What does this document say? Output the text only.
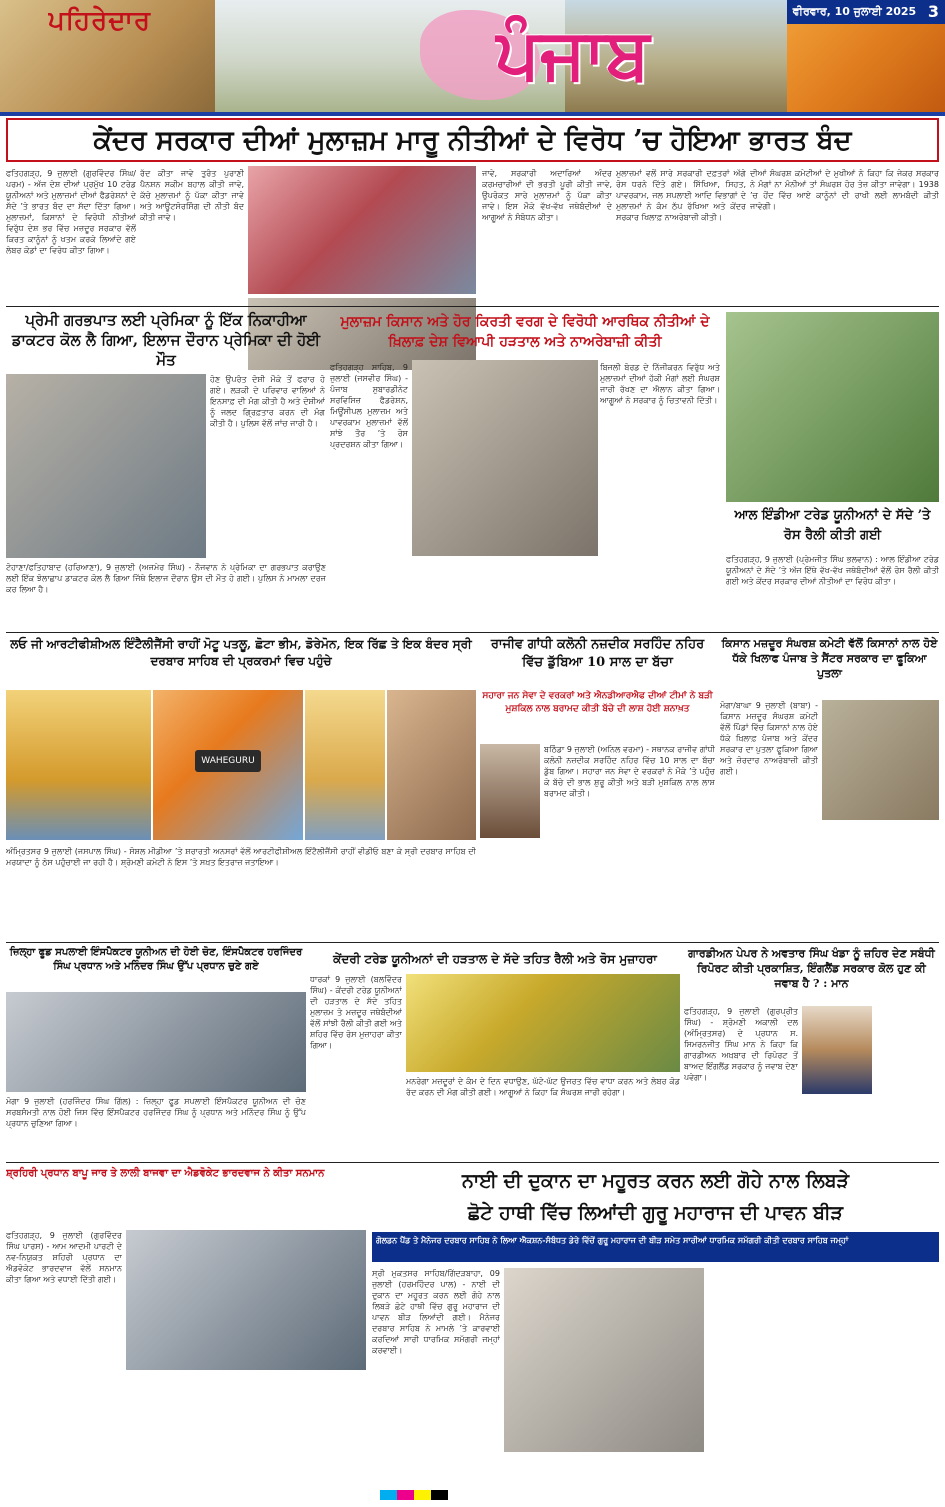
ਪਹਿਰੇਦਾਰ	ਪੰਜਾਬ
ਵੀਰਵਾਰ, 10 ਜੁਲਾਈ 2025 3
ਕੇਂਦਰ ਸਰਕਾਰ ਦੀਆਂ ਮੁਲਾਜ਼ਮ ਮਾਰੂ ਨੀਤੀਆਂ ਦੇ ਵਿਰੋਧ ’ਚ ਹੋਇਆ ਭਾਰਤ ਬੰਦ
ਫਤਿਹਗੜ੍ਹ, 9 ਜੁਲਾਈ (ਗੁਰਵਿੰਦਰ ਸਿੰਘ/ਪਰਮ) - ਅੱਜ ਦੇਸ਼ ਦੀਆਂ ਪ੍ਰਮੁੱਖ 10 ਟਰੇਡ ਯੂਨੀਅਨਾਂ ਅਤੇ ਮੁਲਾਜ਼ਮਾਂ ਦੀਆਂ ਫੈਡਰੇਸ਼ਨਾਂ ਦੇ ਸੱਦੇ ’ਤੇ ਭਾਰਤ ਬੰਦ ਦਾ ਸੱਦਾ ਦਿੱਤਾ ਗਿਆ। ਮੁਲਾਜ਼ਮਾਂ, ਕਿਸਾਨਾਂ ਦੇ ਵਿਰੋਧੀ ਨੀਤੀਆਂ ਵਿਰੁੱਧ ਦੇਸ਼ ਭਰ ਵਿੱਚ ਮਜ਼ਦੂਰ ਸਰਕਾਰ ਵੱਲੋਂ ਕਿਰਤ ਕਾਨੂੰਨਾਂ ਨੂੰ ਖਤਮ ਕਰਕੇ ਲਿਆਂਦੇ ਗਏ ਲੇਬਰ ਕੋਡਾਂ ਦਾ ਵਿਰੋਧ ਕੀਤਾ ਗਿਆ।
ਰੱਦ ਕੀਤਾ ਜਾਵੇ ਤੁਰੰਤ ਪੁਰਾਣੀ ਪੈਨਸ਼ਨ ਸਕੀਮ ਬਹਾਲ ਕੀਤੀ ਜਾਵੇ, ਕੱਚੇ ਮੁਲਾਜ਼ਮਾਂ ਨੂੰ ਪੱਕਾ ਕੀਤਾ ਜਾਵੇ ਅਤੇ ਆਊਟਸੋਰਸਿੰਗ ਦੀ ਨੀਤੀ ਬੰਦ ਕੀਤੀ ਜਾਵੇ।
ਜਾਵੇ, ਸਰਕਾਰੀ ਅਦਾਰਿਆਂ ਅੰਦਰ ਕਰਮਚਾਰੀਆਂ ਦੀ ਭਰਤੀ ਪੂਰੀ ਕੀਤੀ ਜਾਵੇ, ਉਪਰੋਕਤ ਸਾਰੇ ਮੁਲਾਜ਼ਮਾਂ ਨੂੰ ਪੱਕਾ ਕੀਤਾ ਜਾਵੇ। ਇਸ ਮੌਕੇ ਵੱਖ-ਵੱਖ ਜਥੇਬੰਦੀਆਂ ਦੇ ਆਗੂਆਂ ਨੇ ਸੰਬੋਧਨ ਕੀਤਾ।
ਮੁਲਾਜ਼ਮਾਂ ਵਲੋਂ ਸਾਰੇ ਸਰਕਾਰੀ ਦਫ਼ਤਰਾਂ ਅੱਗੇ ਰੋਸ ਧਰਨੇ ਦਿੱਤੇ ਗਏ। ਸਿੱਖਿਆ, ਸਿਹਤ, ਪਾਵਰਕਾਮ, ਜਲ ਸਪਲਾਈ ਆਦਿ ਵਿਭਾਗਾਂ ਦੇ ਮੁਲਾਜ਼ਮਾਂ ਨੇ ਕੰਮ ਠੱਪ ਰੱਖਿਆ ਅਤੇ ਕੇਂਦਰ ਸਰਕਾਰ ਖਿਲਾਫ਼ ਨਾਅਰੇਬਾਜ਼ੀ ਕੀਤੀ।
ਦੀਆਂ ਸੰਘਰਸ਼ ਕਮੇਟੀਆਂ ਦੇ ਮੁਖੀਆਂ ਨੇ ਕਿਹਾ ਕਿ ਜੇਕਰ ਸਰਕਾਰ ਨੇ ਮੰਗਾਂ ਨਾ ਮੰਨੀਆਂ ਤਾਂ ਸੰਘਰਸ਼ ਹੋਰ ਤੇਜ਼ ਕੀਤਾ ਜਾਵੇਗਾ। 1938 ’ਚ ਹੋਂਦ ਵਿੱਚ ਆਏ ਕਾਨੂੰਨਾਂ ਦੀ ਰਾਖੀ ਲਈ ਲਾਮਬੰਦੀ ਕੀਤੀ ਜਾਵੇਗੀ।
ਪ੍ਰੇਮੀ ਗਰਭਪਾਤ ਲਈ ਪ੍ਰੇਮਿਕਾ ਨੂੰ ਇੱਕ ਨਿਕਾਹੀਆ ਡਾਕਟਰ ਕੋਲ ਲੈ ਗਿਆ, ਇਲਾਜ ਦੌਰਾਨ ਪ੍ਰੇਮਿਕਾ ਦੀ ਹੋਈ ਮੌਤ
ਹੋਣ ਉਪਰੰਤ ਦੋਸ਼ੀ ਮੌਕੇ ਤੋਂ ਫਰਾਰ ਹੋ ਗਏ। ਲੜਕੀ ਦੇ ਪਰਿਵਾਰ ਵਾਲਿਆਂ ਨੇ ਇਨਸਾਫ਼ ਦੀ ਮੰਗ ਕੀਤੀ ਹੈ ਅਤੇ ਦੋਸ਼ੀਆਂ ਨੂੰ ਜਲਦ ਗ੍ਰਿਫ਼ਤਾਰ ਕਰਨ ਦੀ ਮੰਗ ਕੀਤੀ ਹੈ। ਪੁਲਿਸ ਵੱਲੋਂ ਜਾਂਚ ਜਾਰੀ ਹੈ।
ਟੋਹਾਣਾ/ਫਤਿਹਾਬਾਦ (ਹਰਿਆਣਾ), 9 ਜੁਲਾਈ (ਅਜਮੇਰ ਸਿੰਘ) - ਨੌਜਵਾਨ ਨੇ ਪ੍ਰੇਮਿਕਾ ਦਾ ਗਰਭਪਾਤ ਕਰਾਉਣ ਲਈ ਇੱਕ ਝੋਲਾਛਾਪ ਡਾਕਟਰ ਕੋਲ ਲੈ ਗਿਆ ਜਿੱਥੇ ਇਲਾਜ ਦੌਰਾਨ ਉਸ ਦੀ ਮੌਤ ਹੋ ਗਈ। ਪੁਲਿਸ ਨੇ ਮਾਮਲਾ ਦਰਜ ਕਰ ਲਿਆ ਹੈ।
ਮੁਲਾਜ਼ਮ ਕਿਸਾਨ ਅਤੇ ਹੋਰ ਕਿਰਤੀ ਵਰਗ ਦੇ ਵਿਰੋਧੀ ਆਰਥਿਕ ਨੀਤੀਆਂ ਦੇ ਖ਼ਿਲਾਫ਼ ਦੇਸ਼ ਵਿਆਪੀ ਹੜਤਾਲ ਅਤੇ ਨਾਅਰੇਬਾਜ਼ੀ ਕੀਤੀ
ਫਤਿਹਗੜ੍ਹ ਸਾਹਿਬ, 9 ਜੁਲਾਈ (ਜਸਵੀਰ ਸਿੰਘ) - ਪੰਜਾਬ ਸੁਬਾਰਡੀਨੇਟ ਸਰਵਿਸਿਜ਼ ਫੈਡਰੇਸ਼ਨ, ਮਿਊਂਸੀਪਲ ਮੁਲਾਜ਼ਮ ਅਤੇ ਪਾਵਰਕਾਮ ਮੁਲਾਜ਼ਮਾਂ ਵੱਲੋਂ ਸਾਂਝੇ ਤੌਰ ’ਤੇ ਰੋਸ ਪ੍ਰਦਰਸ਼ਨ ਕੀਤਾ ਗਿਆ।
ਬਿਜਲੀ ਬੋਰਡ ਦੇ ਨਿੱਜੀਕਰਨ ਵਿਰੁੱਧ ਅਤੇ ਮੁਲਾਜ਼ਮਾਂ ਦੀਆਂ ਹੱਕੀ ਮੰਗਾਂ ਲਈ ਸੰਘਰਸ਼ ਜਾਰੀ ਰੱਖਣ ਦਾ ਐਲਾਨ ਕੀਤਾ ਗਿਆ। ਆਗੂਆਂ ਨੇ ਸਰਕਾਰ ਨੂੰ ਚਿਤਾਵਨੀ ਦਿੱਤੀ।
ਆਲ ਇੰਡੀਆ ਟਰੇਡ ਯੂਨੀਅਨਾਂ ਦੇ ਸੱਦੇ ’ਤੇ ਰੋਸ ਰੈਲੀ ਕੀਤੀ ਗਈ
ਫਤਿਹਗੜ੍ਹ, 9 ਜੁਲਾਈ (ਪ੍ਰੇਮਜੀਤ ਸਿੰਘ ਭਲਵਾਨ) : ਆਲ ਇੰਡੀਆ ਟਰੇਡ ਯੂਨੀਅਨਾਂ ਦੇ ਸੱਦੇ ’ਤੇ ਅੱਜ ਇੱਥੇ ਵੱਖ-ਵੱਖ ਜਥੇਬੰਦੀਆਂ ਵੱਲੋਂ ਰੋਸ ਰੈਲੀ ਕੀਤੀ ਗਈ ਅਤੇ ਕੇਂਦਰ ਸਰਕਾਰ ਦੀਆਂ ਨੀਤੀਆਂ ਦਾ ਵਿਰੋਧ ਕੀਤਾ।
ਲਓ ਜੀ ਆਰਟੀਫੀਸ਼ੀਅਲ ਇੰਟੈਲੀਜੈਂਸੀ ਰਾਹੀਂ ਮੋਟੂ ਪਤਲੂ, ਛੋਟਾ ਭੀਮ, ਡੋਰੇਮੋਨ, ਇਕ ਰਿੱਛ ਤੇ ਇਕ ਬੰਦਰ ਸ੍ਰੀ ਦਰਬਾਰ ਸਾਹਿਬ ਦੀ ਪ੍ਰਕਰਮਾਂ ਵਿਚ ਪਹੁੰਚੇ
WAHEGURU
ਅੰਮ੍ਰਿਤਸਰ 9 ਜੁਲਾਈ (ਜਸਪਾਲ ਸਿੰਘ) - ਸੋਸ਼ਲ ਮੀਡੀਆ ’ਤੇ ਸ਼ਰਾਰਤੀ ਅਨਸਰਾਂ ਵੱਲੋਂ ਆਰਟੀਫੀਸ਼ੀਅਲ ਇੰਟੈਲੀਜੈਂਸੀ ਰਾਹੀਂ ਵੀਡੀਓ ਬਣਾ ਕੇ ਸ੍ਰੀ ਦਰਬਾਰ ਸਾਹਿਬ ਦੀ ਮਰਯਾਦਾ ਨੂੰ ਠੇਸ ਪਹੁੰਚਾਈ ਜਾ ਰਹੀ ਹੈ। ਸ਼੍ਰੋਮਣੀ ਕਮੇਟੀ ਨੇ ਇਸ ’ਤੇ ਸਖ਼ਤ ਇਤਰਾਜ਼ ਜਤਾਇਆ।
ਰਾਜੀਵ ਗਾਂਧੀ ਕਲੋਨੀ ਨਜ਼ਦੀਕ ਸਰਹਿੰਦ ਨਹਿਰ ਵਿੱਚ ਡੁੱਬਿਆ 10 ਸਾਲ ਦਾ ਬੱਚਾ
ਸਹਾਰਾ ਜਨ ਸੇਵਾ ਦੇ ਵਰਕਰਾਂ ਅਤੇ ਐਨਡੀਆਰਐਫ ਦੀਆਂ ਟੀਮਾਂ ਨੇ ਬੜੀ ਮੁਸ਼ਕਿਲ ਨਾਲ ਬਰਾਮਦ ਕੀਤੀ ਬੱਚੇ ਦੀ ਲਾਸ਼ ਹੋਈ ਸ਼ਨਾਖ਼ਤ
ਬਠਿੰਡਾ 9 ਜੁਲਾਈ (ਅਨਿਲ ਵਰਮਾ) - ਸਥਾਨਕ ਰਾਜੀਵ ਗਾਂਧੀ ਕਲੋਨੀ ਨਜ਼ਦੀਕ ਸਰਹਿੰਦ ਨਹਿਰ ਵਿੱਚ 10 ਸਾਲ ਦਾ ਬੱਚਾ ਡੁੱਬ ਗਿਆ। ਸਹਾਰਾ ਜਨ ਸੇਵਾ ਦੇ ਵਰਕਰਾਂ ਨੇ ਮੌਕੇ ’ਤੇ ਪਹੁੰਚ ਕੇ ਬੱਚੇ ਦੀ ਭਾਲ ਸ਼ੁਰੂ ਕੀਤੀ ਅਤੇ ਬੜੀ ਮੁਸ਼ਕਿਲ ਨਾਲ ਲਾਸ਼ ਬਰਾਮਦ ਕੀਤੀ।
ਕਿਸਾਨ ਮਜ਼ਦੂਰ ਸੰਘਰਸ਼ ਕਮੇਟੀ ਵੱਲੋਂ ਕਿਸਾਨਾਂ ਨਾਲ ਹੋਏ ਧੱਕੇ ਖਿਲਾਫ ਪੰਜਾਬ ਤੇ ਸੈਂਟਰ ਸਰਕਾਰ ਦਾ ਫੂਕਿਆ ਪੁਤਲਾ
ਮੋਗਾ/ਬਾਘਾ 9 ਜੁਲਾਈ (ਬਾਬਾ) - ਕਿਸਾਨ ਮਜ਼ਦੂਰ ਸੰਘਰਸ਼ ਕਮੇਟੀ ਵੱਲੋਂ ਪਿੰਡਾਂ ਵਿੱਚ ਕਿਸਾਨਾਂ ਨਾਲ ਹੋਏ ਧੱਕੇ ਖ਼ਿਲਾਫ਼ ਪੰਜਾਬ ਅਤੇ ਕੇਂਦਰ ਸਰਕਾਰ ਦਾ ਪੁਤਲਾ ਫੂਕਿਆ ਗਿਆ ਅਤੇ ਜ਼ੋਰਦਾਰ ਨਾਅਰੇਬਾਜ਼ੀ ਕੀਤੀ ਗਈ।
ਜ਼ਿਲ੍ਹਾ ਫੂਡ ਸਪਲਾਈ ਇੰਸਪੈਕਟਰ ਯੂਨੀਅਨ ਦੀ ਹੋਈ ਚੋਣ, ਇੰਸਪੈਕਟਰ ਹਰਜਿੰਦਰ ਸਿੰਘ ਪ੍ਰਧਾਨ ਅਤੇ ਮਨਿੰਦਰ ਸਿੰਘ ਉੱਪ ਪ੍ਰਧਾਨ ਚੁਣੇ ਗਏ
ਮੋਗਾ 9 ਜੁਲਾਈ (ਹਰਜਿੰਦਰ ਸਿੰਘ ਗਿੱਲ) : ਜ਼ਿਲ੍ਹਾ ਫੂਡ ਸਪਲਾਈ ਇੰਸਪੈਕਟਰ ਯੂਨੀਅਨ ਦੀ ਚੋਣ ਸਰਬਸੰਮਤੀ ਨਾਲ ਹੋਈ ਜਿਸ ਵਿੱਚ ਇੰਸਪੈਕਟਰ ਹਰਜਿੰਦਰ ਸਿੰਘ ਨੂੰ ਪ੍ਰਧਾਨ ਅਤੇ ਮਨਿੰਦਰ ਸਿੰਘ ਨੂੰ ਉੱਪ ਪ੍ਰਧਾਨ ਚੁਣਿਆ ਗਿਆ।
ਕੇਂਦਰੀ ਟਰੇਡ ਯੂਨੀਅਨਾਂ ਦੀ ਹੜਤਾਲ ਦੇ ਸੱਦੇ ਤਹਿਤ ਰੈਲੀ ਅਤੇ ਰੋਸ ਮੁਜ਼ਾਹਰਾ
ਧਾਰਕਾਂ 9 ਜੁਲਾਈ (ਬਲਵਿੰਦਰ ਸਿੰਘ) - ਕੇਂਦਰੀ ਟਰੇਡ ਯੂਨੀਅਨਾਂ ਦੀ ਹੜਤਾਲ ਦੇ ਸੱਦੇ ਤਹਿਤ ਮੁਲਾਜ਼ਮ ਤੇ ਮਜ਼ਦੂਰ ਜਥੇਬੰਦੀਆਂ ਵੱਲੋਂ ਸਾਂਝੀ ਰੈਲੀ ਕੀਤੀ ਗਈ ਅਤੇ ਸ਼ਹਿਰ ਵਿੱਚ ਰੋਸ ਮੁਜ਼ਾਹਰਾ ਕੀਤਾ ਗਿਆ।
ਮਨਰੇਗਾ ਮਜ਼ਦੂਰਾਂ ਦੇ ਕੰਮ ਦੇ ਦਿਨ ਵਧਾਉਣ, ਘੱਟੋ-ਘੱਟ ਉਜਰਤ ਵਿੱਚ ਵਾਧਾ ਕਰਨ ਅਤੇ ਲੇਬਰ ਕੋਡ ਰੱਦ ਕਰਨ ਦੀ ਮੰਗ ਕੀਤੀ ਗਈ। ਆਗੂਆਂ ਨੇ ਕਿਹਾ ਕਿ ਸੰਘਰਸ਼ ਜਾਰੀ ਰਹੇਗਾ।
ਗਾਰਡੀਅਨ ਪੇਪਰ ਨੇ ਅਵਤਾਰ ਸਿੰਘ ਖੰਡਾ ਨੂੰ ਜ਼ਹਿਰ ਦੇਣ ਸਬੰਧੀ ਰਿਪੋਰਟ ਕੀਤੀ ਪ੍ਰਕਾਸ਼ਿਤ, ਇੰਗਲੈਂਡ ਸਰਕਾਰ ਕੋਲ ਹੁਣ ਕੀ ਜਵਾਬ ਹੈ ? : ਮਾਨ
ਫਤਿਹਗੜ੍ਹ, 9 ਜੁਲਾਈ (ਗੁਰਪ੍ਰੀਤ ਸਿੰਘ) - ਸ਼੍ਰੋਮਣੀ ਅਕਾਲੀ ਦਲ (ਅੰਮ੍ਰਿਤਸਰ) ਦੇ ਪ੍ਰਧਾਨ ਸ. ਸਿਮਰਨਜੀਤ ਸਿੰਘ ਮਾਨ ਨੇ ਕਿਹਾ ਕਿ ਗਾਰਡੀਅਨ ਅਖ਼ਬਾਰ ਦੀ ਰਿਪੋਰਟ ਤੋਂ ਬਾਅਦ ਇੰਗਲੈਂਡ ਸਰਕਾਰ ਨੂੰ ਜਵਾਬ ਦੇਣਾ ਪਵੇਗਾ।
ਸ਼੍ਰਹਿਰੀ ਪ੍ਰਧਾਨ ਬਾਪੂ ਜਾਰ ਤੇ ਲਾਲੀ ਬਾਜਵਾ ਦਾ ਐਡਵੋਕੇਟ ਭਾਰਦਵਾਜ ਨੇ ਕੀਤਾ ਸਨਮਾਨ
ਫਤਿਹਗੜ੍ਹ, 9 ਜੁਲਾਈ (ਗੁਰਵਿੰਦਰ ਸਿੰਘ ਪਾਰਸ) - ਆਮ ਆਦਮੀ ਪਾਰਟੀ ਦੇ ਨਵ-ਨਿਯੁਕਤ ਸ਼ਹਿਰੀ ਪ੍ਰਧਾਨ ਦਾ ਐਡਵੋਕੇਟ ਭਾਰਦਵਾਜ ਵੱਲੋਂ ਸਨਮਾਨ ਕੀਤਾ ਗਿਆ ਅਤੇ ਵਧਾਈ ਦਿੱਤੀ ਗਈ।
ਨਾਈ ਦੀ ਦੁਕਾਨ ਦਾ ਮਹੂਰਤ ਕਰਨ ਲਈ ਗੋਹੇ ਨਾਲ ਲਿਬੜੇ
ਛੋਟੇ ਹਾਥੀ ਵਿੱਚ ਲਿਆਂਦੀ ਗੁਰੂ ਮਹਾਰਾਜ ਦੀ ਪਾਵਨ ਬੀੜ
ਗੋਲਡਨ ਪੈਂਡ ਤੇ ਮੈਨੇਜਰ ਦਰਬਾਰ ਸਾਹਿਬ ਨੇ ਲਿਆ ਐਕਸ਼ਨ-ਸੰਬੰਧਤ ਡੇਰੇ ਵਿੱਚੋਂ ਗੁਰੂ ਮਹਾਰਾਜ ਦੀ ਬੀੜ ਸਮੇਤ ਸਾਰੀਆਂ ਧਾਰਮਿਕ ਸਮੱਗਰੀ ਕੀਤੀ ਦਰਬਾਰ ਸਾਹਿਬ ਜਮ੍ਹਾਂ
ਸ੍ਰੀ ਮੁਕਤਸਰ ਸਾਹਿਬ/ਗਿੱਦੜਬਾਹਾ, 09 ਜੁਲਾਈ (ਹਰਮਹਿੰਦਰ ਪਾਲ) - ਨਾਈ ਦੀ ਦੁਕਾਨ ਦਾ ਮਹੂਰਤ ਕਰਨ ਲਈ ਗੋਹੇ ਨਾਲ ਲਿਬੜੇ ਛੋਟੇ ਹਾਥੀ ਵਿੱਚ ਗੁਰੂ ਮਹਾਰਾਜ ਦੀ ਪਾਵਨ ਬੀੜ ਲਿਆਂਦੀ ਗਈ। ਮੈਨੇਜਰ ਦਰਬਾਰ ਸਾਹਿਬ ਨੇ ਮਾਮਲੇ ’ਤੇ ਕਾਰਵਾਈ ਕਰਦਿਆਂ ਸਾਰੀ ਧਾਰਮਿਕ ਸਮੱਗਰੀ ਜਮ੍ਹਾਂ ਕਰਵਾਈ।
